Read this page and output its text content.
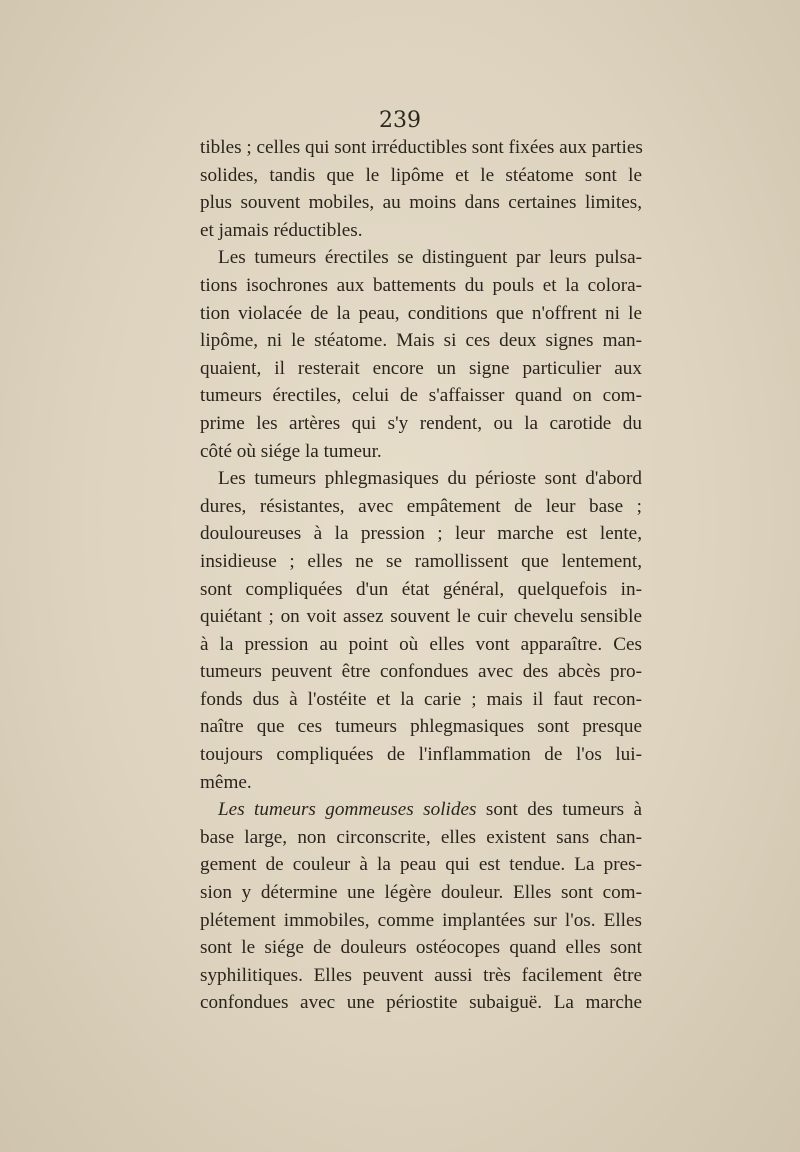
239
tibles ; celles qui sont irréductibles sont fixées aux parties
solides, tandis que le lipôme et le stéatome sont le
plus souvent mobiles, au moins dans certaines limites,
et jamais réductibles.
Les tumeurs érectiles se distinguent par leurs pulsa-
tions isochrones aux battements du pouls et la colora-
tion violacée de la peau, conditions que n'offrent ni le
lipôme, ni le stéatome. Mais si ces deux signes man-
quaient, il resterait encore un signe particulier aux
tumeurs érectiles, celui de s'affaisser quand on com-
prime les artères qui s'y rendent, ou la carotide du
côté où siége la tumeur.
Les tumeurs phlegmasiques du périoste sont d'abord
dures, résistantes, avec empâtement de leur base ;
douloureuses à la pression ; leur marche est lente,
insidieuse ; elles ne se ramollissent que lentement,
sont compliquées d'un état général, quelquefois in-
quiétant ; on voit assez souvent le cuir chevelu sensible
à la pression au point où elles vont apparaître. Ces
tumeurs peuvent être confondues avec des abcès pro-
fonds dus à l'ostéite et la carie ; mais il faut recon-
naître que ces tumeurs phlegmasiques sont presque
toujours compliquées de l'inflammation de l'os lui-
même.
Les tumeurs gommeuses solides sont des tumeurs à
base large, non circonscrite, elles existent sans chan-
gement de couleur à la peau qui est tendue. La pres-
sion y détermine une légère douleur. Elles sont com-
plétement immobiles, comme implantées sur l'os. Elles
sont le siége de douleurs ostéocopes quand elles sont
syphilitiques. Elles peuvent aussi très facilement être
confondues avec une périostite subaiguë. La marche
